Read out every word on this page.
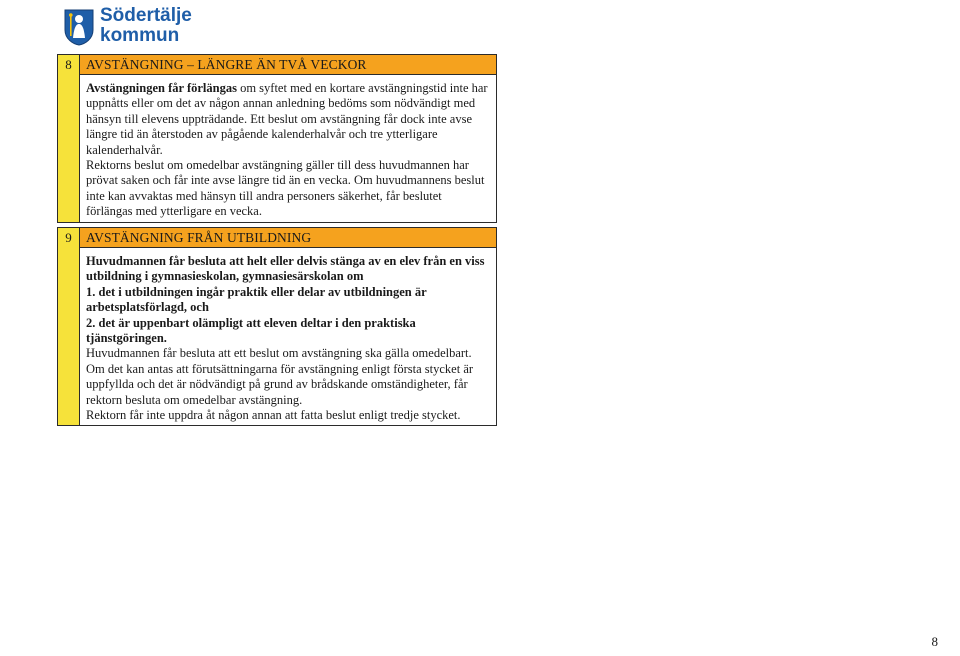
Södertälje
kommun
8	AVSTÄNGNING – LÄNGRE ÄN TVÅ VECKOR

Avstängningen får förlängas om syftet med en kortare avstängningstid inte har uppnåtts eller om det av någon annan anledning bedöms som nödvändigt med hänsyn till elevens uppträdande. Ett beslut om avstängning får dock inte avse längre tid än återstoden av pågående kalenderhalvår och tre ytterligare kalenderhalvår.

Rektorns beslut om omedelbar avstängning gäller till dess huvudmannen har prövat saken och får inte avse längre tid än en vecka. Om huvudmannens beslut inte kan avvaktas med hänsyn till andra personers säkerhet, får beslutet förlängas med ytterligare en vecka.

9	AVSTÄNGNING FRÅN UTBILDNING

Huvudmannen får besluta att helt eller delvis stänga av en elev från en viss utbildning i gymnasieskolan, gymnasiesärskolan om

1. det i utbildningen ingår praktik eller delar av utbildningen är arbetsplatsförlagd, och

2. det är uppenbart olämpligt att eleven deltar i den praktiska tjänstgöringen.

Huvudmannen får besluta att ett beslut om avstängning ska gälla omedelbart.

Om det kan antas att förutsättningarna för avstängning enligt första stycket är uppfyllda och det är nödvändigt på grund av brådskande omständigheter, får rektorn besluta om omedelbar avstängning.

Rektorn får inte uppdra åt någon annan att fatta beslut enligt tredje stycket.

8
